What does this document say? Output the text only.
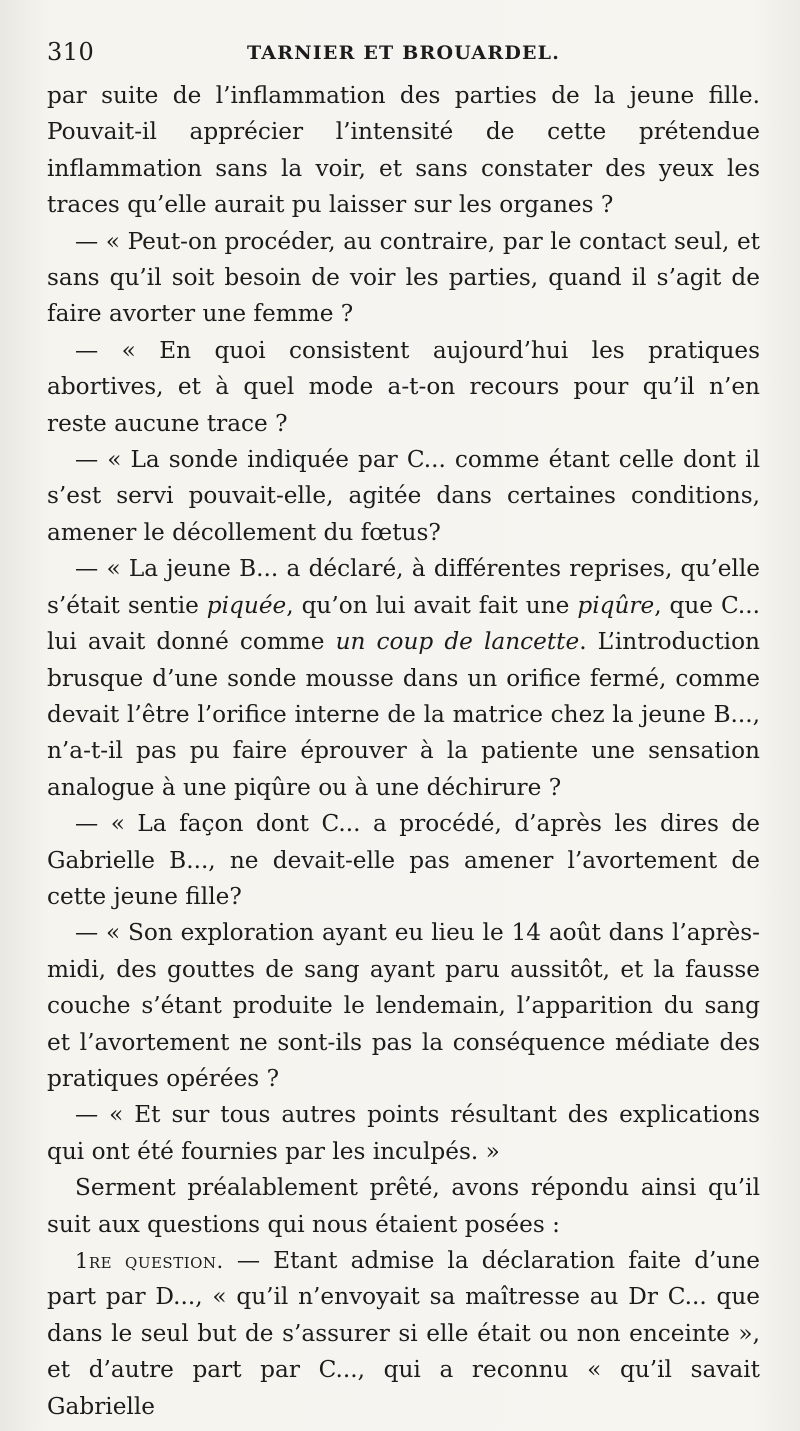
310	TARNIER ET BROUARDEL.

par suite de l’inflammation des parties de la jeune fille. Pouvait-il apprécier l’intensité de cette prétendue inflammation sans la voir, et sans constater des yeux les traces qu’elle aurait pu laisser sur les organes ?

— « Peut-on procéder, au contraire, par le contact seul, et sans qu’il soit besoin de voir les parties, quand il s’agit de faire avorter une femme ?

— « En quoi consistent aujourd’hui les pratiques abortives, et à quel mode a-t-on recours pour qu’il n’en reste aucune trace ?

— « La sonde indiquée par C... comme étant celle dont il s’est servi pouvait-elle, agitée dans certaines conditions, amener le décollement du fœtus?

— « La jeune B... a déclaré, à différentes reprises, qu’elle s’était sentie piquée, qu’on lui avait fait une piqûre, que C... lui avait donné comme un coup de lancette. L’introduction brusque d’une sonde mousse dans un orifice fermé, comme devait l’être l’orifice interne de la matrice chez la jeune B..., n’a-t-il pas pu faire éprouver à la patiente une sensation analogue à une piqûre ou à une déchirure ?

— « La façon dont C... a procédé, d’après les dires de Gabrielle B..., ne devait-elle pas amener l’avortement de cette jeune fille?

— « Son exploration ayant eu lieu le 14 août dans l’après-midi, des gouttes de sang ayant paru aussitôt, et la fausse couche s’étant produite le lendemain, l’apparition du sang et l’avortement ne sont-ils pas la conséquence médiate des pratiques opérées ?

— « Et sur tous autres points résultant des explications qui ont été fournies par les inculpés. »

Serment préalablement prêté, avons répondu ainsi qu’il suit aux questions qui nous étaient posées :

1re question. — Etant admise la déclaration faite d’une part par D..., « qu’il n’envoyait sa maîtresse au Dr C... que dans le seul but de s’assurer si elle était ou non enceinte », et d’autre part par C..., qui a reconnu « qu’il savait Gabrielle
